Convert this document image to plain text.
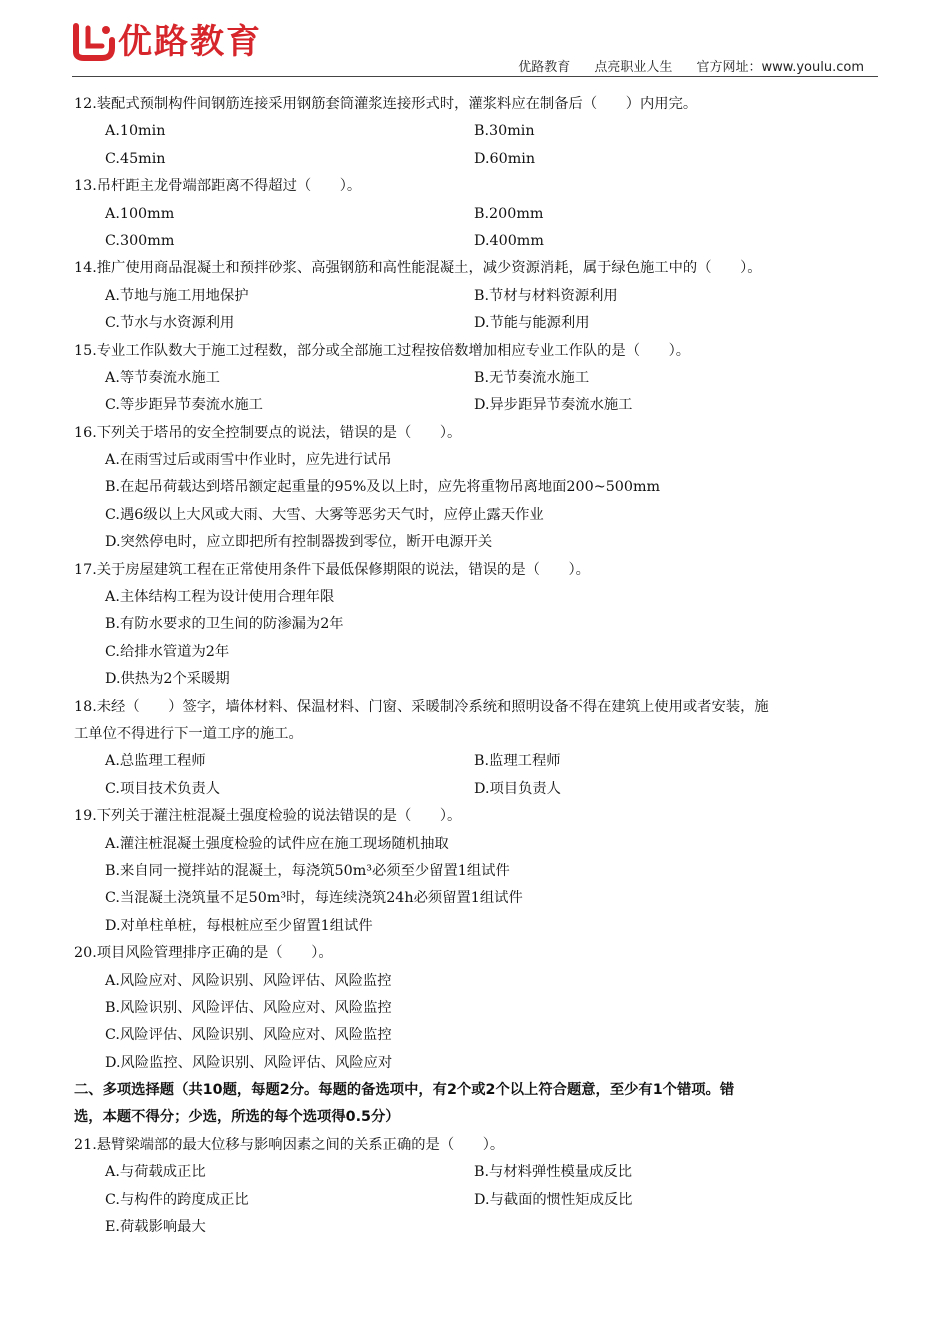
优路教育
优路教育 点亮职业人生 官方网址：www.youlu.com
12.装配式预制构件间钢筋连接采用钢筋套筒灌浆连接形式时，灌浆料应在制备后（　　）内用完。
A.10min	B.30min
C.45min	D.60min
13.吊杆距主龙骨端部距离不得超过（　　）。
A.100mm	B.200mm
C.300mm	D.400mm
14.推广使用商品混凝土和预拌砂浆、高强钢筋和高性能混凝土，减少资源消耗，属于绿色施工中的（　　）。
A.节地与施工用地保护	B.节材与材料资源利用
C.节水与水资源利用	D.节能与能源利用
15.专业工作队数大于施工过程数，部分或全部施工过程按倍数增加相应专业工作队的是（　　）。
A.等节奏流水施工	B.无节奏流水施工
C.等步距异节奏流水施工	D.异步距异节奏流水施工
16.下列关于塔吊的安全控制要点的说法，错误的是（　　）。
A.在雨雪过后或雨雪中作业时，应先进行试吊
B.在起吊荷载达到塔吊额定起重量的95%及以上时，应先将重物吊离地面200~500mm
C.遇6级以上大风或大雨、大雪、大雾等恶劣天气时，应停止露天作业
D.突然停电时，应立即把所有控制器拨到零位，断开电源开关
17.关于房屋建筑工程在正常使用条件下最低保修期限的说法，错误的是（　　）。
A.主体结构工程为设计使用合理年限
B.有防水要求的卫生间的防渗漏为2年
C.给排水管道为2年
D.供热为2个采暖期
18.未经（　　）签字，墙体材料、保温材料、门窗、采暖制冷系统和照明设备不得在建筑上使用或者安装，施
工单位不得进行下一道工序的施工。
A.总监理工程师	B.监理工程师
C.项目技术负责人	D.项目负责人
19.下列关于灌注桩混凝土强度检验的说法错误的是（　　）。
A.灌注桩混凝土强度检验的试件应在施工现场随机抽取
B.来自同一搅拌站的混凝土，每浇筑50m³必须至少留置1组试件
C.当混凝土浇筑量不足50m³时，每连续浇筑24h必须留置1组试件
D.对单柱单桩，每根桩应至少留置1组试件
20.项目风险管理排序正确的是（　　）。
A.风险应对、风险识别、风险评估、风险监控
B.风险识别、风险评估、风险应对、风险监控
C.风险评估、风险识别、风险应对、风险监控
D.风险监控、风险识别、风险评估、风险应对
二、多项选择题（共10题，每题2分。每题的备选项中，有2个或2个以上符合题意，至少有1个错项。错
选，本题不得分；少选，所选的每个选项得0.5分）
21.悬臂梁端部的最大位移与影响因素之间的关系正确的是（　　）。
A.与荷载成正比	B.与材料弹性模量成反比
C.与构件的跨度成正比	D.与截面的惯性矩成反比
E.荷载影响最大
